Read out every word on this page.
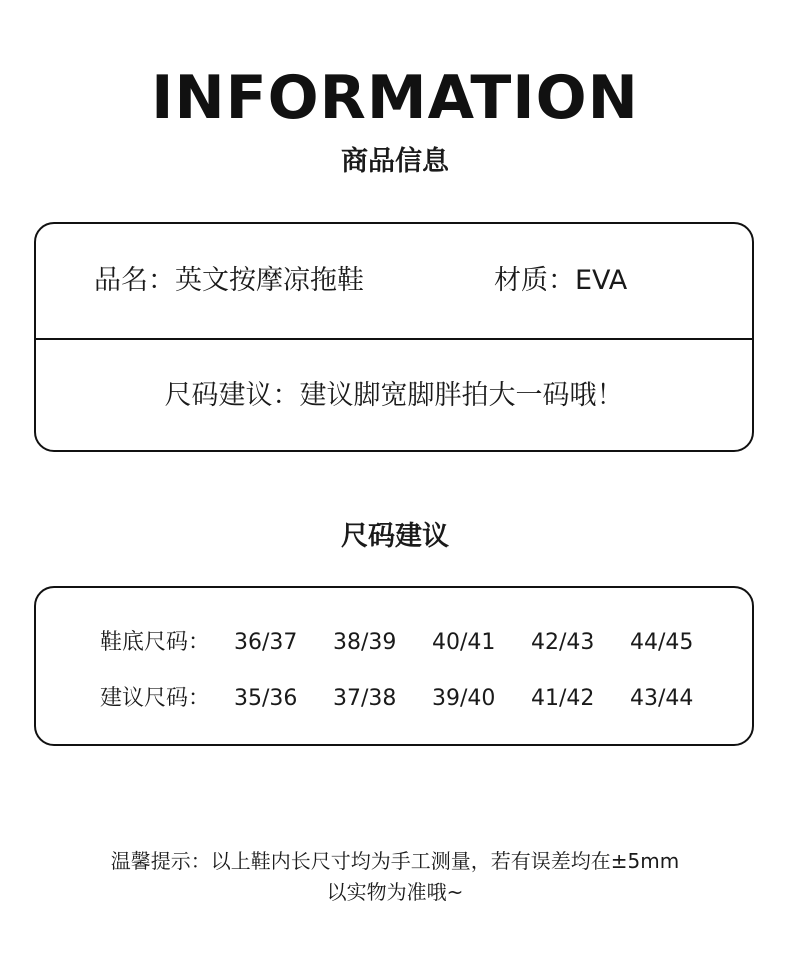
INFORMATION
商品信息
品名：英文按摩凉拖鞋	材质：EVA
尺码建议：建议脚宽脚胖拍大一码哦！
尺码建议
鞋底尺码： 36/37 38/39 40/41 42/43 44/45
建议尺码： 35/36 37/38 39/40 41/42 43/44
温馨提示：以上鞋内长尺寸均为手工测量，若有误差均在±5mm
以实物为准哦~
